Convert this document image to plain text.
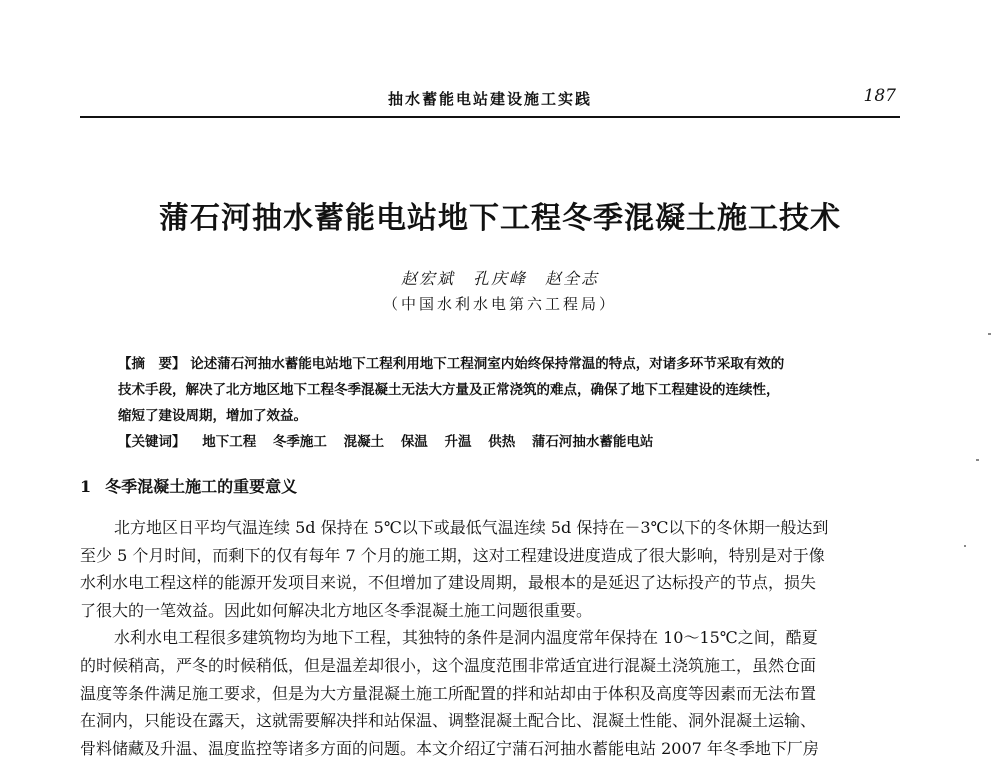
抽水蓄能电站建设施工实践	187
蒲石河抽水蓄能电站地下工程冬季混凝土施工技术
赵宏斌　孔庆峰　赵全志
（中国水利水电第六工程局）
【摘　要】 论述蒲石河抽水蓄能电站地下工程利用地下工程洞室内始终保持常温的特点，对诸多环节采取有效的
技术手段，解决了北方地区地下工程冬季混凝土无法大方量及正常浇筑的难点，确保了地下工程建设的连续性，
缩短了建设周期，增加了效益。
【关键词】 地下工程 冬季施工 混凝土 保温 升温 供热 蒲石河抽水蓄能电站
1 冬季混凝土施工的重要意义
北方地区日平均气温连续 5d 保持在 5℃以下或最低气温连续 5d 保持在－3℃以下的冬休期一般达到
至少 5 个月时间，而剩下的仅有每年 7 个月的施工期，这对工程建设进度造成了很大影响，特别是对于像
水利水电工程这样的能源开发项目来说，不但增加了建设周期，最根本的是延迟了达标投产的节点，损失
了很大的一笔效益。因此如何解决北方地区冬季混凝土施工问题很重要。
水利水电工程很多建筑物均为地下工程，其独特的条件是洞内温度常年保持在 10～15℃之间，酷夏
的时候稍高，严冬的时候稍低，但是温差却很小，这个温度范围非常适宜进行混凝土浇筑施工，虽然仓面
温度等条件满足施工要求，但是为大方量混凝土施工所配置的拌和站却由于体积及高度等因素而无法布置
在洞内，只能设在露天，这就需要解决拌和站保温、调整混凝土配合比、混凝土性能、洞外混凝土运输、
骨料储藏及升温、温度监控等诸多方面的问题。本文介绍辽宁蒲石河抽水蓄能电站 2007 年冬季地下厂房
